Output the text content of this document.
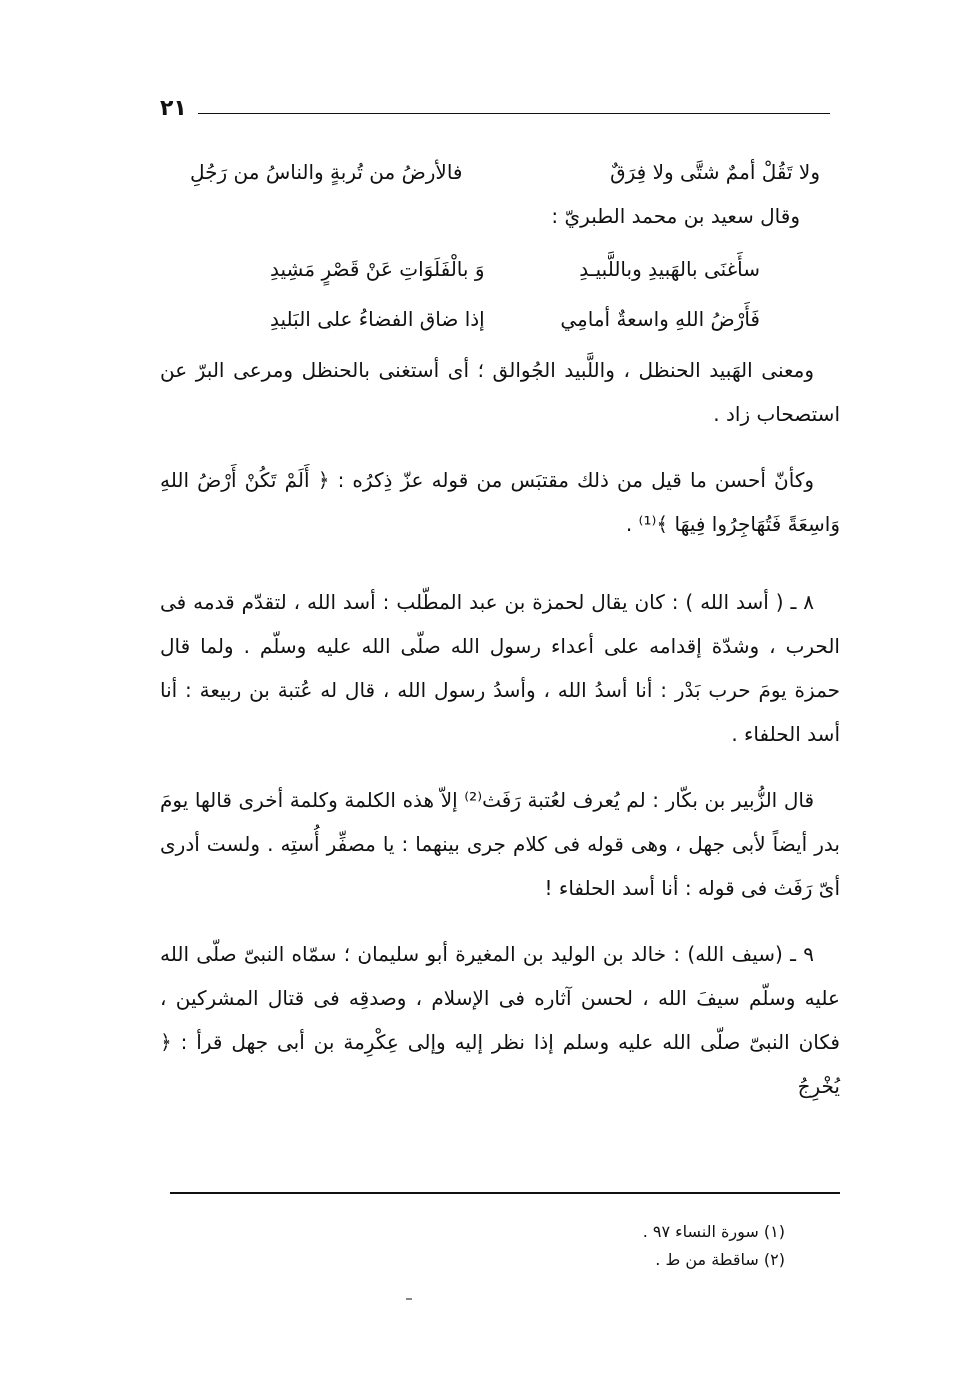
٢١
ولا تَقُلْ أممٌ شتَّى ولا فِرَقٌ
فالأرضُ من تُربةٍ والناسُ من رَجُلِ
وقال سعيد بن محمد الطبريّ :
سأَغنَى بالهَبيدِ وباللَّبيـدِ
وَ بالْفَلَوَاتِ عَنْ قَصْرٍ مَشِيدِ
فَأَرْضُ اللهِ واسعةٌ أمامِي
إذا ضاق الفضاءُ على البَليدِ

ومعنى الهَبيد الحنظل ، واللَّبيد الجُوالق ؛ أى أستغنى بالحنظل ومرعى البرّ عن استصحاب زاد .

وكأنّ أحسن ما قيل من ذلك مقتبَس من قوله عزّ ذِكرُه : ﴿ أَلَمْ تَكُنْ أَرْضُ اللهِ وَاسِعَةً فَتُهَاجِرُوا فِيهَا ﴾⁽¹⁾ .

٨ ـ ( أسد الله ) : كان يقال لحمزة بن عبد المطّلب : أسد الله ، لتقدّم قدمه فى الحرب ، وشدّة إقدامه على أعداء رسول الله صلّى الله عليه وسلّم . ولما قال حمزة يومَ حرب بَدْر : أنا أسدُ الله ، وأسدُ رسول الله ، قال له عُتبة بن ربيعة : أنا أسد الحلفاء .

قال الزُّبير بن بكّار : لم يُعرف لعُتبة رَفَث⁽²⁾ إلاّ هذه الكلمة وكلمة أخرى قالها يومَ بدر أيضاً لأبى جهل ، وهى قوله فى كلام جرى بينهما : يا مصفِّر أُستِه . ولست أدرى أىّ رَفَث فى قوله : أنا أسد الحلفاء !

٩ ـ (سيف الله) : خالد بن الوليد بن المغيرة أبو سليمان ؛ سمّاه النبىّ صلّى الله عليه وسلّم سيفَ الله ، لحسن آثاره فى الإسلام ، وصدقِه فى قتال المشركين ، فكان النبىّ صلّى الله عليه وسلم إذا نظر إليه وإلى عِكْرِمة بن أبى جهل قرأ : ﴿ يُخْرِجُ

(١) سورة النساء ٩٧ .
(٢) ساقطة من ط .
